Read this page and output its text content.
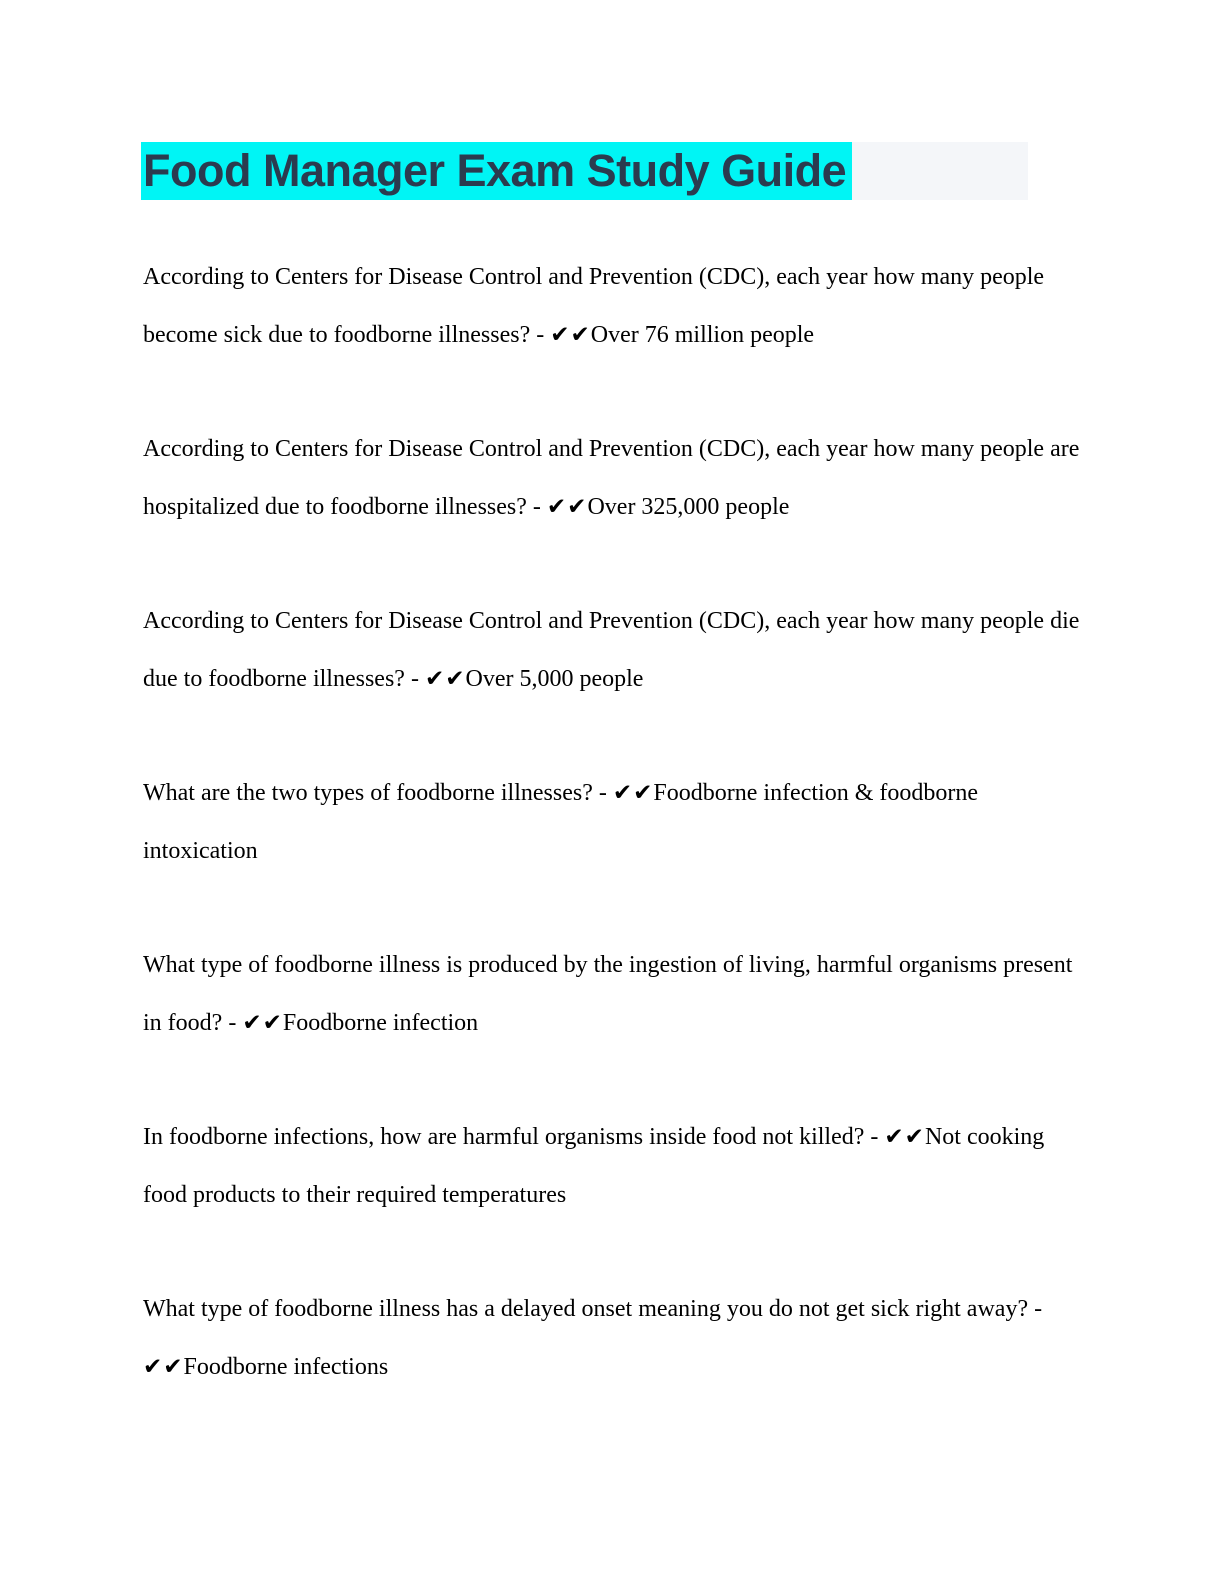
Food Manager Exam Study Guide

According to Centers for Disease Control and Prevention (CDC), each year how many people become sick due to foodborne illnesses? - ✔✔Over 76 million people

According to Centers for Disease Control and Prevention (CDC), each year how many people are hospitalized due to foodborne illnesses? - ✔✔Over 325,000 people

According to Centers for Disease Control and Prevention (CDC), each year how many people die due to foodborne illnesses? - ✔✔Over 5,000 people

What are the two types of foodborne illnesses? - ✔✔Foodborne infection & foodborne intoxication

What type of foodborne illness is produced by the ingestion of living, harmful organisms present in food? - ✔✔Foodborne infection

In foodborne infections, how are harmful organisms inside food not killed? - ✔✔Not cooking food products to their required temperatures

What type of foodborne illness has a delayed onset meaning you do not get sick right away? - ✔✔Foodborne infections
